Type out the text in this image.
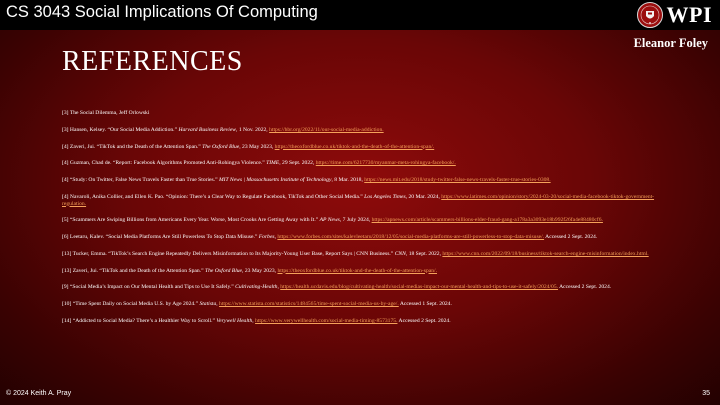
CS 3043 Social Implications Of Computing	WPI
Eleanor Foley
REFERENCES
[3] The Social Dilemma, Jeff Orlowski
[3] Hansen, Kelsey. “Our Social Media Addiction.” Harvard Business Review, 1 Nov. 2022, https://hbr.org/2022/11/our-social-media-addiction.
[4] Zaveri, Jui. “TikTok and the Death of the Attention Span.” The Oxford Blue, 23 May 2023, https://theoxfordblue.co.uk/tiktok-and-the-death-of-the-attention-span/.
[4] Guzman, Chad de. “Report: Facebook Algorithms Promoted Anti-Rohingya Violence.” TIME, 29 Sept. 2022, https://time.com/6217730/myanmar-meta-rohingya-facebook/.
[4] “Study: On Twitter, False News Travels Faster than True Stories.” MIT News | Massachusetts Institute of Technology, 8 Mar. 2018, https://news.mit.edu/2018/study-twitter-false-news-travels-faster-true-stories-0308.
[4] Navaroli, Anika Collier, and Ellen K. Pao. “Opinion: There’s a Clear Way to Regulate Facebook, TikTok and Other Social Media.” Los Angeles Times, 20 Mar. 2024, https://www.latimes.com/opinion/story/2024-03-20/social-media-facebook-tiktok-government-regulation.
[5] “Scammers Are Swiping Billions from Americans Every Year. Worse, Most Crooks Are Getting Away with It.” AP News, 7 July 2024, https://apnews.com/article/scammers-billions-elder-fraud-gang-a178a3a3093e18b992f26fa4e88480cf6.
[6] Leetaru, Kalev. “Social Media Platforms Are Still Powerless To Stop Data Misuse.” Forbes, https://www.forbes.com/sites/kalevleetaru/2018/12/05/social-media-platforms-are-still-powerless-to-stop-data-misuse/. Accessed 2 Sept. 2024.
[13] Tucker, Emma. “TikTok’s Search Engine Repeatedly Delivers Misinformation to Its Majority-Young User Base, Report Says | CNN Business.” CNN, 18 Sept. 2022, https://www.cnn.com/2022/09/18/business/tiktok-search-engine-misinformation/index.html.
[13] Zaveri, Jui. “TikTok and the Death of the Attention Span.” The Oxford Blue, 23 May 2023, https://theoxfordblue.co.uk/tiktok-and-the-death-of-the-attention-span/.
[9] “Social Media’s Impact on Our Mental Health and Tips to Use It Safely.” Cultivating-Health, https://health.ucdavis.edu/blog/cultivating-health/social-medias-impact-our-mental-health-and-tips-to-use-it-safely/2024/05. Accessed 2 Sept. 2024.
[10] “Time Spent Daily on Social Media U.S. by Age 2024.” Statista, https://www.statista.com/statistics/1484565/time-spent-social-media-us-by-age/. Accessed 1 Sept. 2024.
[14] “Addicted to Social Media? There’s a Healthier Way to Scroll.” Verywell Health, https://www.verywellhealth.com/social-media-timing-8573175. Accessed 2 Sept. 2024.
© 2024 Keith A. Pray	35
